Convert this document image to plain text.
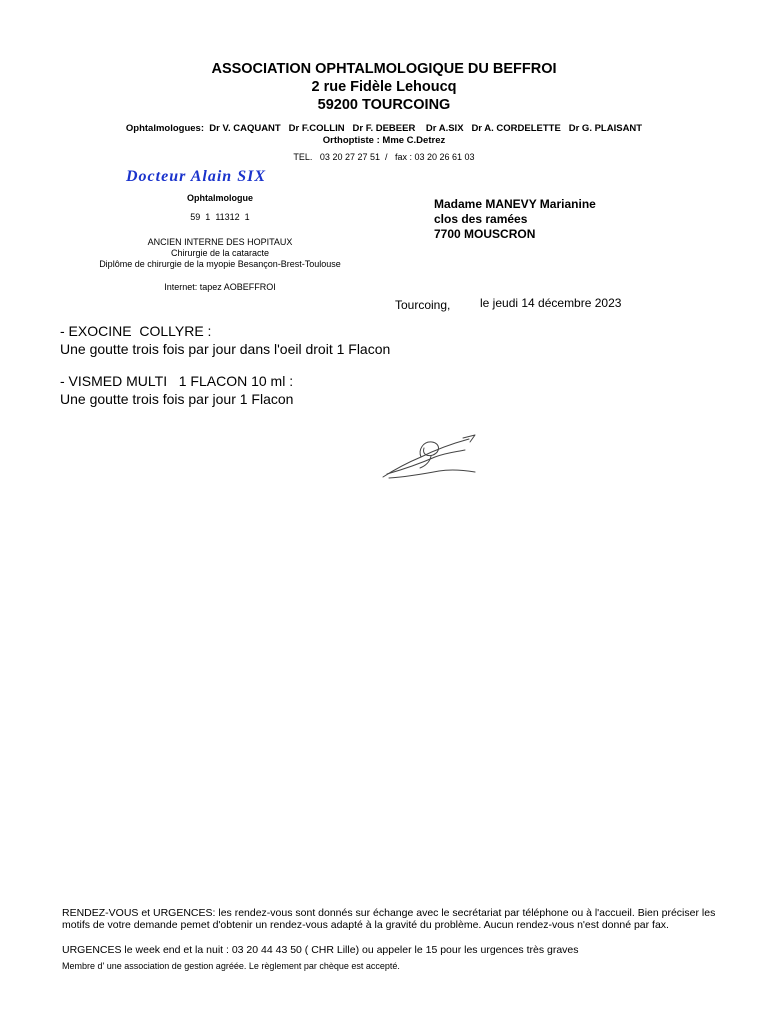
ASSOCIATION OPHTALMOLOGIQUE DU BEFFROI
2 rue Fidèle Lehoucq
59200 TOURCOING
Ophtalmologues:  Dr V. CAQUANT   Dr F.COLLIN   Dr F. DEBEER    Dr A.SIX   Dr A. CORDELETTE   Dr G. PLAISANT
Orthoptiste : Mme C.Detrez
TEL.   03 20 27 27 51  /   fax : 03 20 26 61 03
Docteur Alain SIX
Ophtalmologue
59  1  11312  1
ANCIEN INTERNE DES HOPITAUX
Chirurgie de la cataracte
Diplôme de chirurgie de la myopie Besançon-Brest-Toulouse
Internet: tapez AOBEFFROI
Madame MANEVY Marianine
clos des ramées
7700 MOUSCRON
Tourcoing, le jeudi 14 décembre 2023
- EXOCINE  COLLYRE :
Une goutte trois fois par jour dans l'oeil droit 1 Flacon
- VISMED MULTI   1 FLACON 10 ml :
Une goutte trois fois par jour 1 Flacon
RENDEZ-VOUS et URGENCES: les rendez-vous sont donnés sur échange avec le secrétariat par téléphone ou à l'accueil. Bien préciser les motifs de votre demande pemet d'obtenir un rendez-vous adapté à la gravité du problème. Aucun rendez-vous n'est donné par fax.
URGENCES le week end et la nuit : 03 20 44 43 50 ( CHR Lille) ou appeler le 15 pour les urgences très graves
Membre d' une association de gestion agréée. Le règlement par chèque est accepté.
